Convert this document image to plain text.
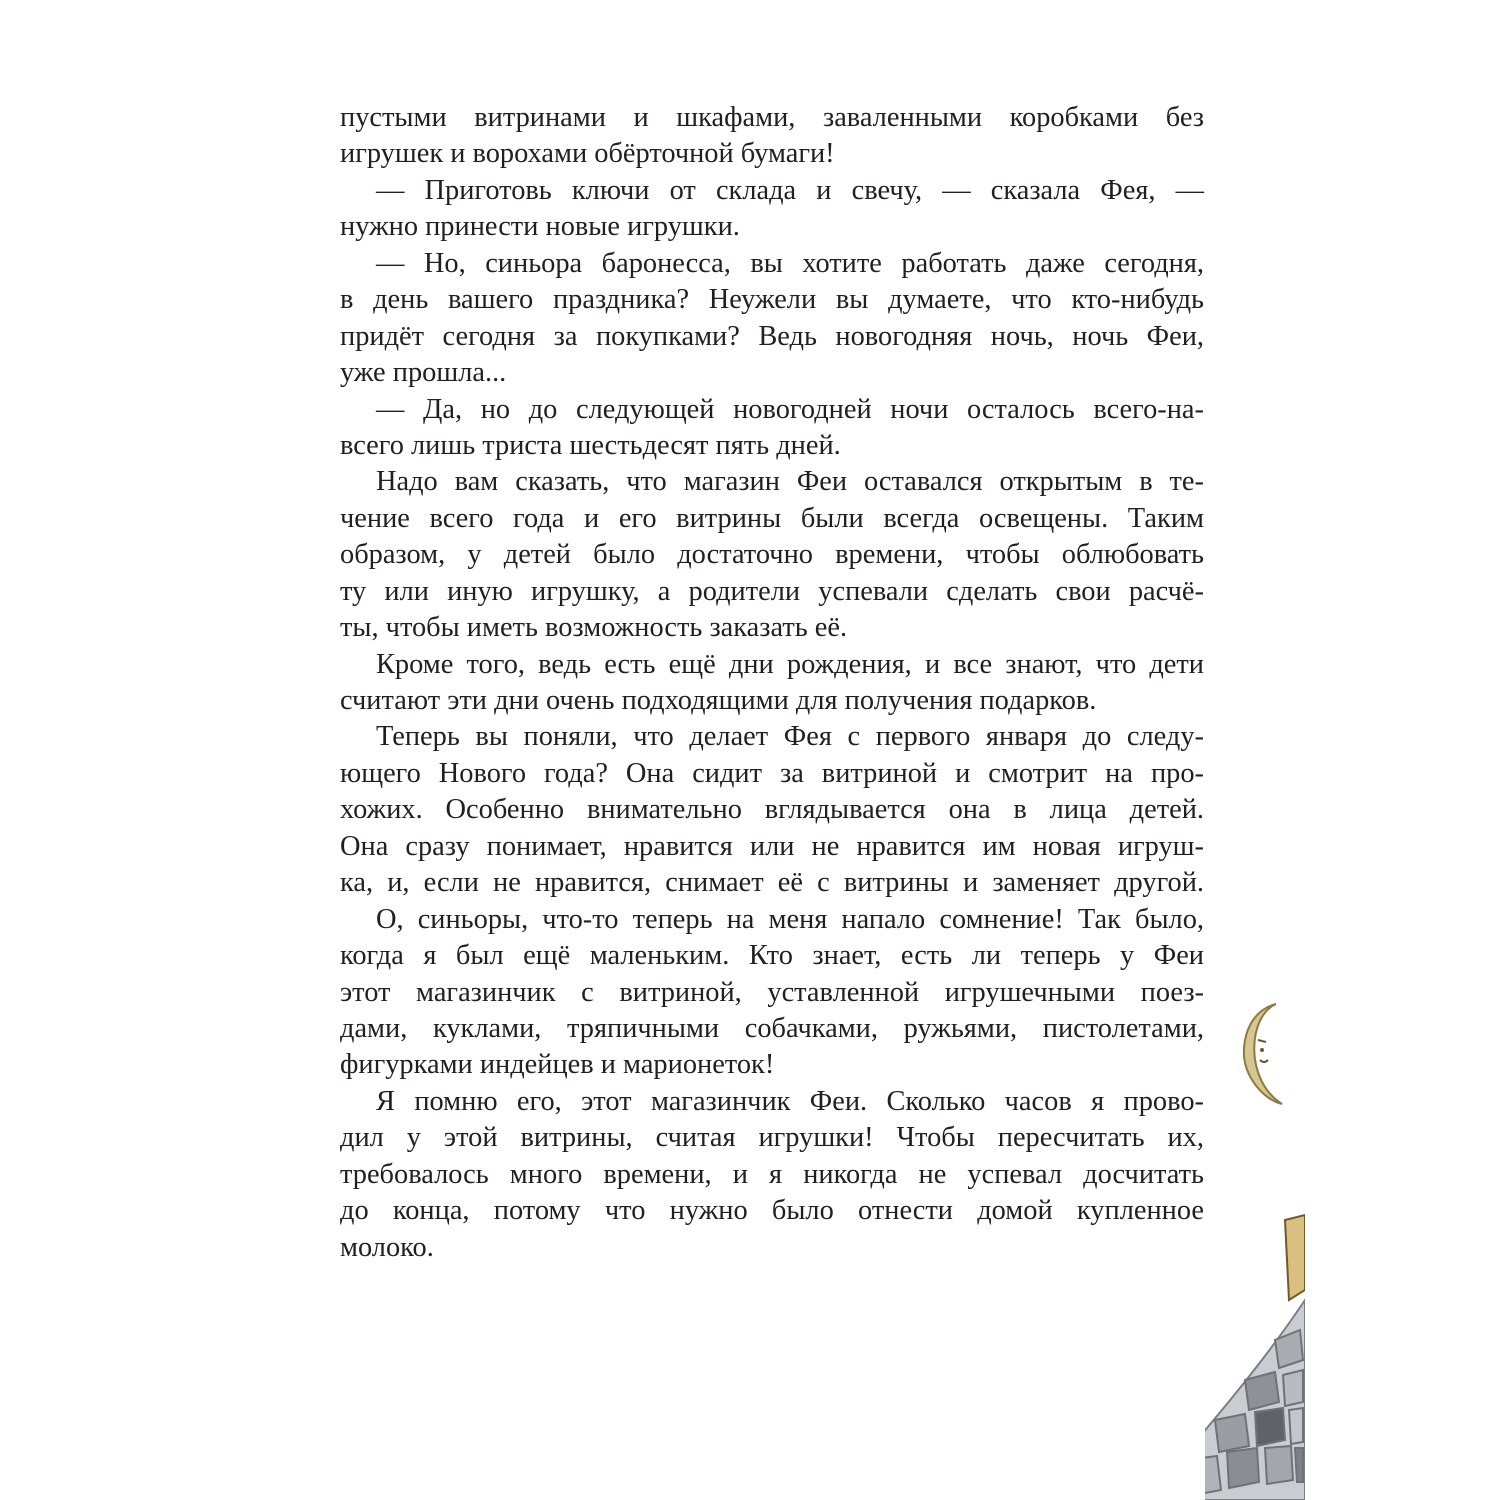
пустыми витринами и шкафами, заваленными коробками без
игрушек и ворохами обёрточной бумаги!
— Приготовь ключи от склада и свечу, — сказала Фея, —
нужно принести новые игрушки.
— Но, синьора баронесса, вы хотите работать даже сегодня,
в день вашего праздника? Неужели вы думаете, что кто-нибудь
придёт сегодня за покупками? Ведь новогодняя ночь, ночь Феи,
уже прошла...
— Да, но до следующей новогодней ночи осталось всего-на-
всего лишь триста шестьдесят пять дней.
Надо вам сказать, что магазин Феи оставался открытым в те-
чение всего года и его витрины были всегда освещены. Таким
образом, у детей было достаточно времени, чтобы облюбовать
ту или иную игрушку, а родители успевали сделать свои расчё-
ты, чтобы иметь возможность заказать её.
Кроме того, ведь есть ещё дни рождения, и все знают, что дети
считают эти дни очень подходящими для получения подарков.
Теперь вы поняли, что делает Фея с первого января до следу-
ющего Нового года? Она сидит за витриной и смотрит на про-
хожих. Особенно внимательно вглядывается она в лица детей.
Она сразу понимает, нравится или не нравится им новая игруш-
ка, и, если не нравится, снимает её с витрины и заменяет другой.
О, синьоры, что-то теперь на меня напало сомнение! Так было,
когда я был ещё маленьким. Кто знает, есть ли теперь у Феи
этот магазинчик с витриной, уставленной игрушечными поез-
дами, куклами, тряпичными собачками, ружьями, пистолетами,
фигурками индейцев и марионеток!
Я помню его, этот магазинчик Феи. Сколько часов я прово-
дил у этой витрины, считая игрушки! Чтобы пересчитать их,
требовалось много времени, и я никогда не успевал досчитать
до конца, потому что нужно было отнести домой купленное
молоко.
